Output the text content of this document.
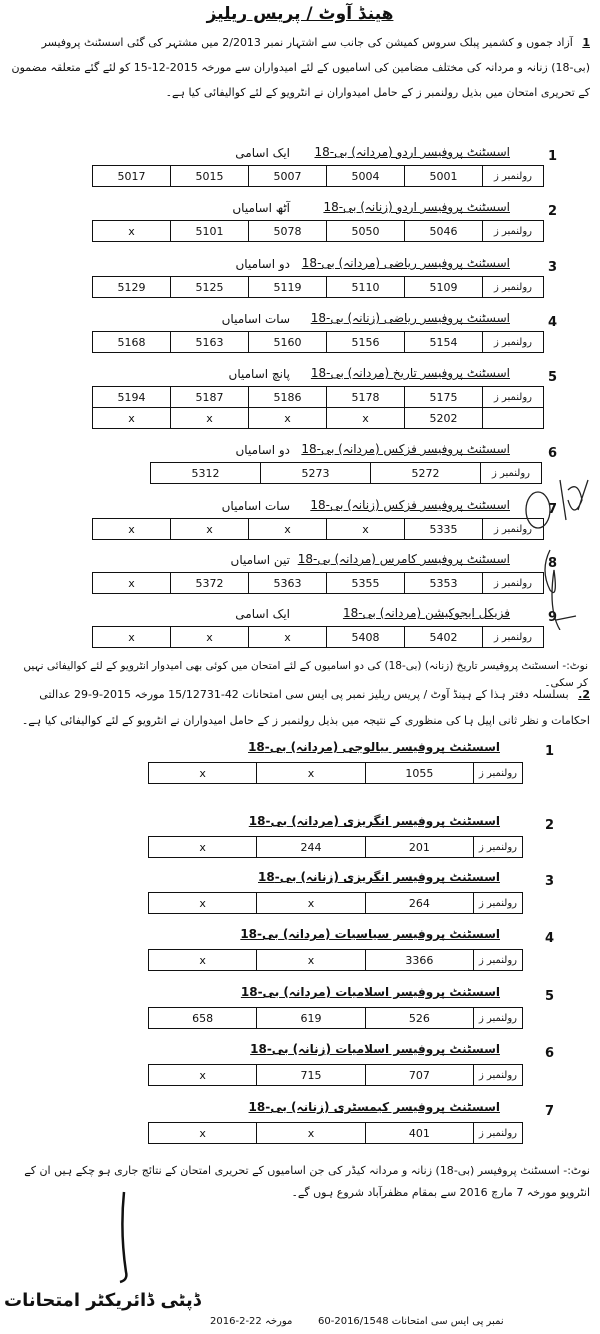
هینڈ آوٹ / پریس ریلیز
1 آزاد جموں و کشمیر پبلک سروس کمیشن کی جانب سے اشتہار نمبر 2/2013 میں مشتہر کی گئی اسسٹنٹ پروفیسر (بی-18) زنانہ و مردانہ کی مختلف مضامین کی اسامیوں کے لئے امیدواران سے مورخہ 2015-12-15 کو لئے گئے متعلقہ مضمون کے تحریری امتحان میں بذیل رولنمبر ز کے حامل امیدواران نے انٹرویو کے لئے کوالیفائی کیا ہے۔
1
اسسٹنٹ پروفیسر اردو (مردانہ) بی-18
ایک اسامی
رولنمبر ز	5001	5004	5007	5015	5017
2
اسسٹنٹ پروفیسر اردو (زنانہ) بی-18
آٹھ اسامیاں
رولنمبر ز	5046	5050	5078	5101	x
3
اسسٹنٹ پروفیسر ریاضی (مردانہ) بی-18
دو اسامیاں
رولنمبر ز	5109	5110	5119	5125	5129
4
اسسٹنٹ پروفیسر ریاضی (زنانہ) بی-18
سات اسامیاں
رولنمبر ز	5154	5156	5160	5163	5168
5
اسسٹنٹ پروفیسر تاریخ (مردانہ) بی-18
پانچ اسامیاں
رولنمبر ز	5175	5178	5186	5187	5194
	5202	x	x	x	x
6
اسسٹنٹ پروفیسر فزکس (مردانہ) بی-18
دو اسامیاں
رولنمبر ز	5272	5273	5312
7
اسسٹنٹ پروفیسر فزکس (زنانہ) بی-18
سات اسامیاں
رولنمبر ز	5335	x	x	x	x
8
اسسٹنٹ پروفیسر کامرس (مردانہ) بی-18
تین اسامیاں
رولنمبر ز	5353	5355	5363	5372	x
9
فزیکل ایجوکیشن (مردانہ) بی-18
ایک اسامی
رولنمبر ز	5402	5408	x	x	x
نوٹ:- اسسٹنٹ پروفیسر تاریخ (زنانہ) (بی-18) کی دو اسامیوں کے لئے امتحان میں کوئی بھی امیدوار انٹرویو کے لئے کوالیفائی نہیں کر سکی۔
2. بسلسلہ دفتر ہذا کے ہینڈ آوٹ / پریس ریلیز نمبر پی ایس سی امتحانات 42-15/12731 مورخہ 2015-9-29 عدالتی احکامات و نظر ثانی اپیل ہا کی منظوری کے نتیجہ میں بذیل رولنمبر ز کے حامل امیدواران نے انٹرویو کے لئے کوالیفائی کیا ہے۔
1
اسسٹنٹ پروفیسر بیالوجی (مردانہ) بی-18
رولنمبر ز	1055	x	x
2
اسسٹنٹ پروفیسر انگریزی (مردانہ) بی-18
رولنمبر ز	201	244	x
3
اسسٹنٹ پروفیسر انگریزی (زنانہ) بی-18
رولنمبر ز	264	x	x
4
اسسٹنٹ پروفیسر سیاسیات (مردانہ) بی-18
رولنمبر ز	3366	x	x
5
اسسٹنٹ پروفیسر اسلامیات (مردانہ) بی-18
رولنمبر ز	526	619	658
6
اسسٹنٹ پروفیسر اسلامیات (زنانہ) بی-18
رولنمبر ز	707	715	x
7
اسسٹنٹ پروفیسر کیمسٹری (زنانہ) بی-18
رولنمبر ز	401	x	x
نوٹ:- اسسٹنٹ پروفیسر (بی-18) زنانہ و مردانہ کیڈر کی جن اسامیوں کے تحریری امتحان کے نتائج جاری ہو چکے ہیں ان کے انٹرویو مورخہ 7 مارچ 2016 سے بمقام مظفرآباد شروع ہوں گے۔
ڈپٹی ڈائریکٹر امتحانات
نمبر پی ایس سی امتحانات 2016/1548-60
مورخہ 22-2-2016
